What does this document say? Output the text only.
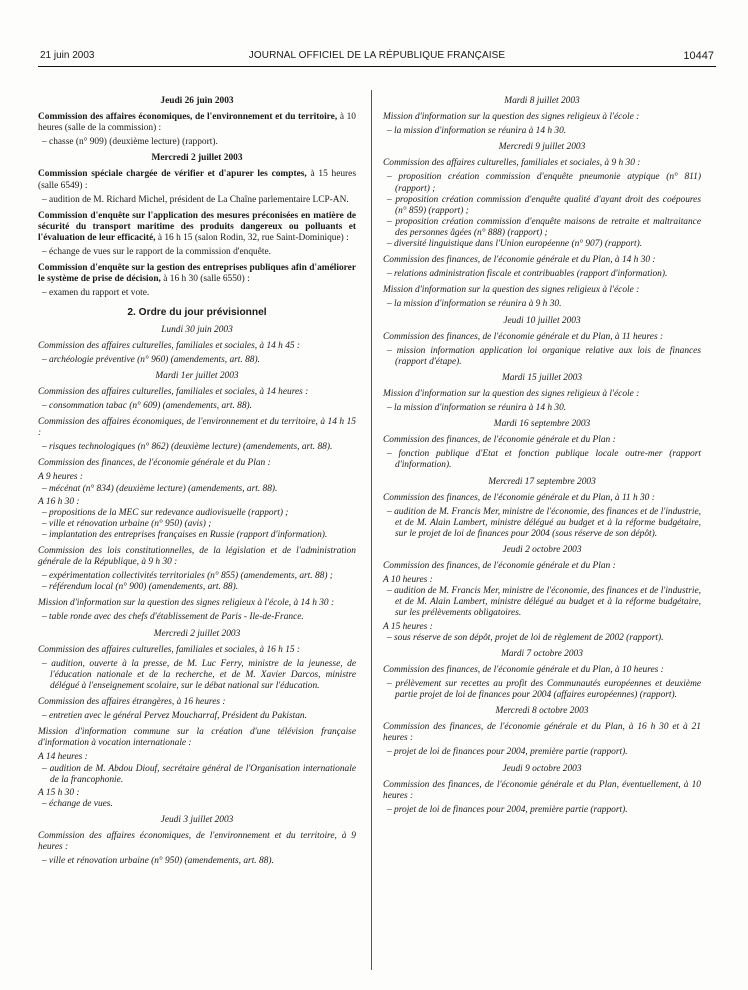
21 juin 2003	JOURNAL OFFICIEL DE LA RÉPUBLIQUE FRANÇAISE	10447
Jeudi 26 juin 2003
Commission des affaires économiques, de l'environnement et du territoire, à 10 heures (salle de la commission) :
– chasse (n° 909) (deuxième lecture) (rapport).
Mercredi 2 juillet 2003
Commission spéciale chargée de vérifier et d'apurer les comptes, à 15 heures (salle 6549) :
– audition de M. Richard Michel, président de La Chaîne parlementaire LCP-AN.
Commission d'enquête sur l'application des mesures préconisées en matière de sécurité du transport maritime des produits dangereux ou polluants et l'évaluation de leur efficacité, à 16 h 15 (salon Rodin, 32, rue Saint-Dominique) :
– échange de vues sur le rapport de la commission d'enquête.
Commission d'enquête sur la gestion des entreprises publiques afin d'améliorer le système de prise de décision, à 16 h 30 (salle 6550) :
– examen du rapport et vote.
2. Ordre du jour prévisionnel
Lundi 30 juin 2003
Commission des affaires culturelles, familiales et sociales, à 14 h 45 :
– archéologie préventive (n° 960) (amendements, art. 88).
Mardi 1er juillet 2003
Commission des affaires culturelles, familiales et sociales, à 14 heures :
– consommation tabac (n° 609) (amendements, art. 88).
Commission des affaires économiques, de l'environnement et du territoire, à 14 h 15 :
– risques technologiques (n° 862) (deuxième lecture) (amendements, art. 88).
Commission des finances, de l'économie générale et du Plan :
A 9 heures :
– mécénat (n° 834) (deuxième lecture) (amendements, art. 88).
A 16 h 30 :
– propositions de la MEC sur redevance audiovisuelle (rapport) ;
– ville et rénovation urbaine (n° 950) (avis) ;
– implantation des entreprises françaises en Russie (rapport d'information).
Commission des lois constitutionnelles, de la législation et de l'administration générale de la République, à 9 h 30 :
– expérimentation collectivités territoriales (n° 855) (amendements, art. 88) ;
– référendum local (n° 900) (amendements, art. 88).
Mission d'information sur la question des signes religieux à l'école, à 14 h 30 :
– table ronde avec des chefs d'établissement de Paris - Ile-de-France.
Mercredi 2 juillet 2003
Commission des affaires culturelles, familiales et sociales, à 16 h 15 :
– audition, ouverte à la presse, de M. Luc Ferry, ministre de la jeunesse, de l'éducation nationale et de la recherche, et de M. Xavier Darcos, ministre délégué à l'enseignement scolaire, sur le débat national sur l'éducation.
Commission des affaires étrangères, à 16 heures :
– entretien avec le général Pervez Moucharraf, Président du Pakistan.
Mission d'information commune sur la création d'une télévision française d'information à vocation internationale :
A 14 heures :
– audition de M. Abdou Diouf, secrétaire général de l'Organisation internationale de la francophonie.
A 15 h 30 :
– échange de vues.
Jeudi 3 juillet 2003
Commission des affaires économiques, de l'environnement et du territoire, à 9 heures :
– ville et rénovation urbaine (n° 950) (amendements, art. 88).
Mardi 8 juillet 2003
Mission d'information sur la question des signes religieux à l'école :
– la mission d'information se réunira à 14 h 30.
Mercredi 9 juillet 2003
Commission des affaires culturelles, familiales et sociales, à 9 h 30 :
– proposition création commission d'enquête pneumonie atypique (n° 811) (rapport) ;
– proposition création commission d'enquête qualité d'ayant droit des coépoures (n° 859) (rapport) ;
– proposition création commission d'enquête maisons de retraite et maltraitance des personnes âgées (n° 888) (rapport) ;
– diversité linguistique dans l'Union européenne (n° 907) (rapport).
Commission des finances, de l'économie générale et du Plan, à 14 h 30 :
– relations administration fiscale et contribuables (rapport d'information).
Mission d'information sur la question des signes religieux à l'école :
– la mission d'information se réunira à 9 h 30.
Jeudi 10 juillet 2003
Commission des finances, de l'économie générale et du Plan, à 11 heures :
– mission information application loi organique relative aux lois de finances (rapport d'étape).
Mardi 15 juillet 2003
Mission d'information sur la question des signes religieux à l'école :
– la mission d'information se réunira à 14 h 30.
Mardi 16 septembre 2003
Commission des finances, de l'économie générale et du Plan :
– fonction publique d'Etat et fonction publique locale outre-mer (rapport d'information).
Mercredi 17 septembre 2003
Commission des finances, de l'économie générale et du Plan, à 11 h 30 :
– audition de M. Francis Mer, ministre de l'économie, des finances et de l'industrie, et de M. Alain Lambert, ministre délégué au budget et à la réforme budgétaire, sur le projet de loi de finances pour 2004 (sous réserve de son dépôt).
Jeudi 2 octobre 2003
Commission des finances, de l'économie générale et du Plan :
A 10 heures :
– audition de M. Francis Mer, ministre de l'économie, des finances et de l'industrie, et de M. Alain Lambert, ministre délégué au budget et à la réforme budgétaire, sur les prélèvements obligatoires.
A 15 heures :
– sous réserve de son dépôt, projet de loi de règlement de 2002 (rapport).
Mardi 7 octobre 2003
Commission des finances, de l'économie générale et du Plan, à 10 heures :
– prélèvement sur recettes au profit des Communautés européennes et deuxième partie projet de loi de finances pour 2004 (affaires européennes) (rapport).
Mercredi 8 octobre 2003
Commission des finances, de l'économie générale et du Plan, à 16 h 30 et à 21 heures :
– projet de loi de finances pour 2004, première partie (rapport).
Jeudi 9 octobre 2003
Commission des finances, de l'économie générale et du Plan, éventuellement, à 10 heures :
– projet de loi de finances pour 2004, première partie (rapport).
